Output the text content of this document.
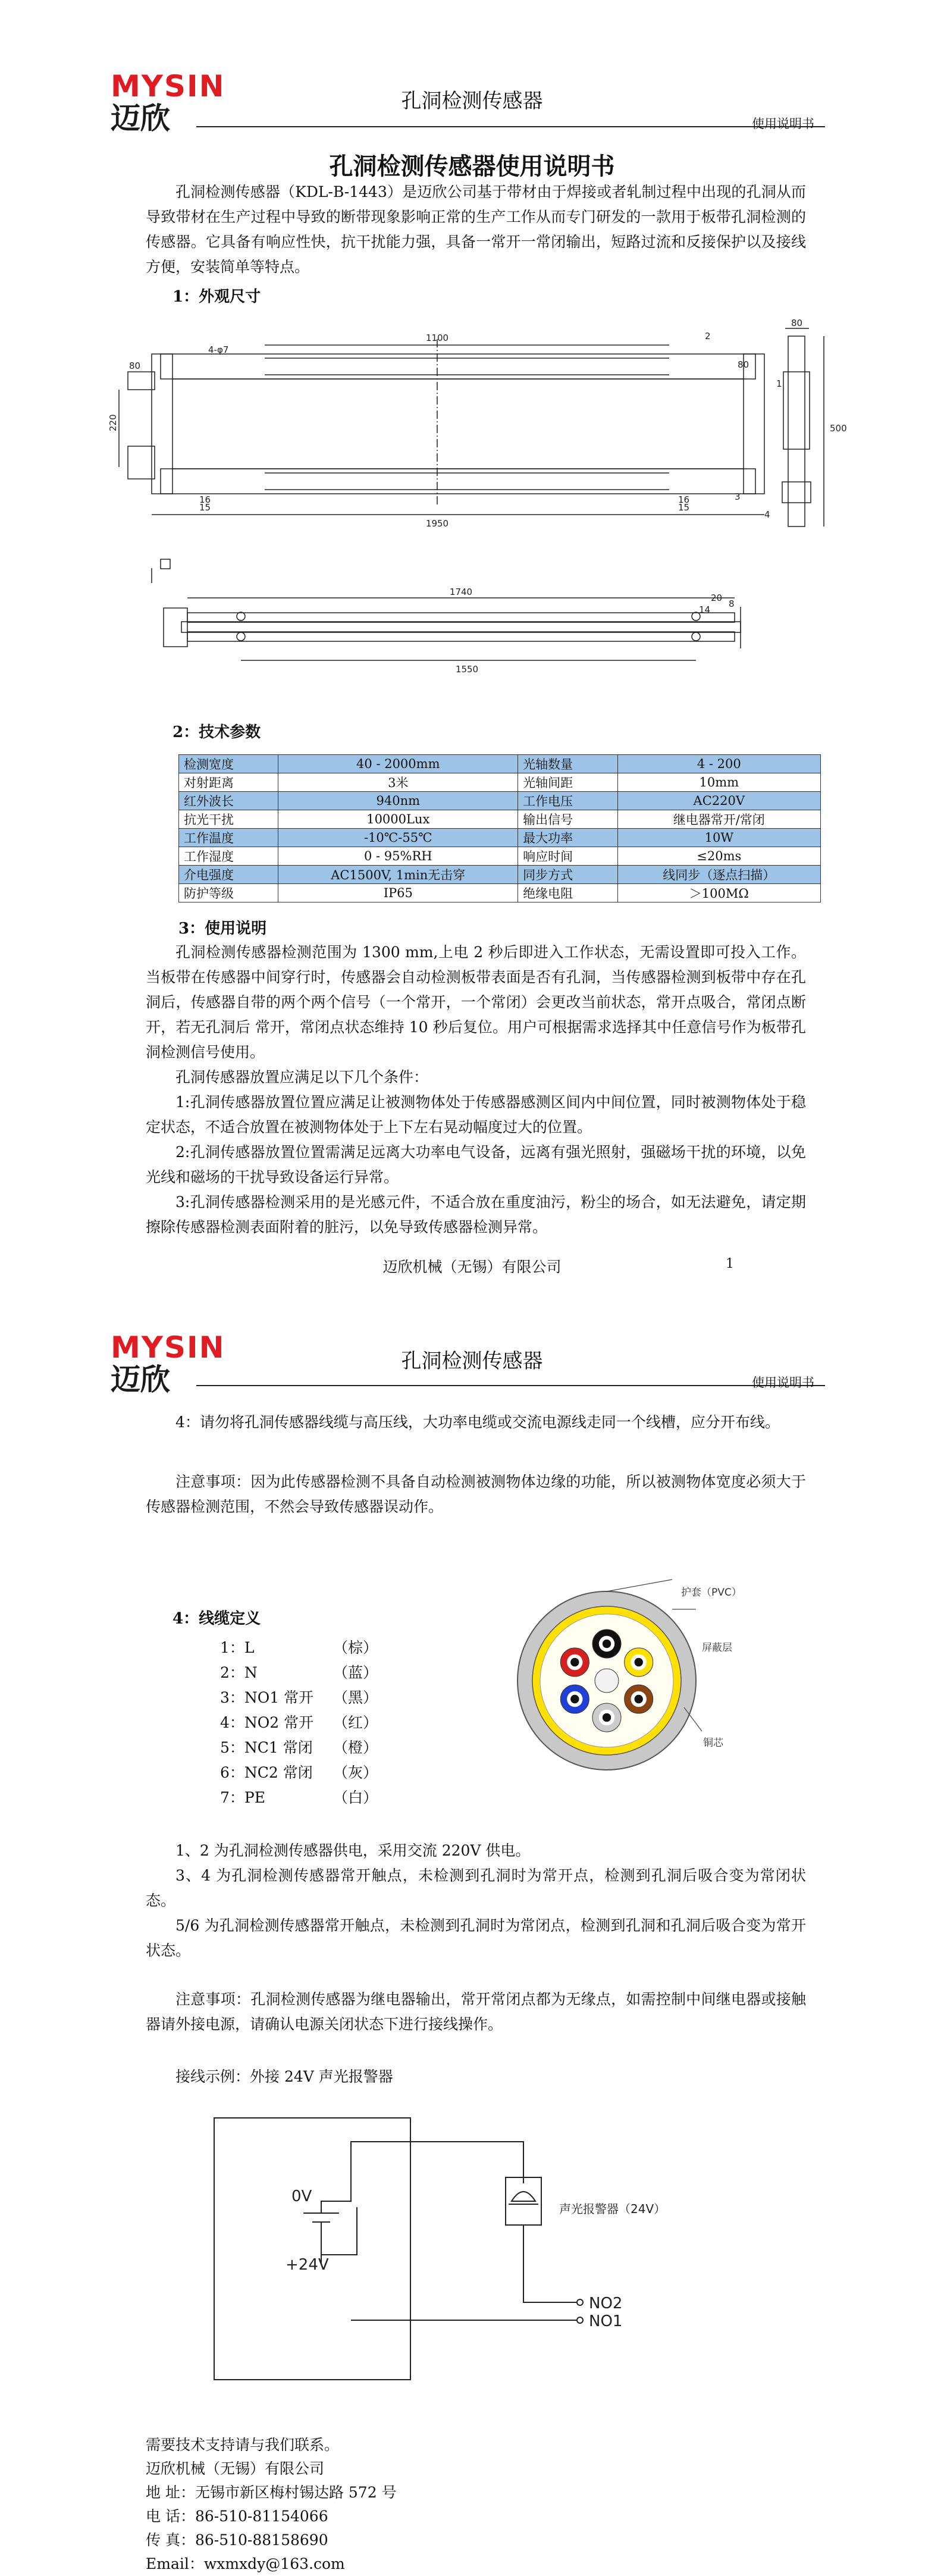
MYSIN
迈欣	孔洞检测传感器
使用说明书
孔洞检测传感器使用说明书
孔洞检测传感器（KDL-B-1443）是迈欣公司基于带材由于焊接或者轧制过程中出现的孔洞从而导致带材在生产过程中导致的断带现象影响正常的生产工作从而专门研发的一款用于板带孔洞检测的传感器。它具备有响应性快，抗干扰能力强，具备一常开一常闭输出，短路过流和反接保护以及接线方便，安装简单等特点。
1：外观尺寸
1100
4-φ7
80
220
15
16
1950
15
16
80
500
80
1740
1550
20
8
14
1
2
3
4
2：技术参数
检测宽度	40 - 2000mm	光轴数量	4 - 200
对射距离	3米	光轴间距	10mm
红外波长	940nm	工作电压	AC220V
抗光干扰	10000Lux	输出信号	继电器常开/常闭
工作温度	-10℃-55℃	最大功率	10W
工作湿度	0 - 95%RH	响应时间	≤20ms
介电强度	AC1500V, 1min无击穿	同步方式	线同步（逐点扫描）
防护等级	IP65	绝缘电阻	＞100MΩ
3：使用说明
孔洞检测传感器检测范围为 1300 mm,上电 2 秒后即进入工作状态，无需设置即可投入工作。当板带在传感器中间穿行时，传感器会自动检测板带表面是否有孔洞，当传感器检测到板带中存在孔洞后，传感器自带的两个两个信号（一个常开，一个常闭）会更改当前状态，常开点吸合，常闭点断开，若无孔洞后 常开，常闭点状态维持 10 秒后复位。用户可根据需求选择其中任意信号作为板带孔洞检测信号使用。
孔洞传感器放置应满足以下几个条件：
1:孔洞传感器放置位置应满足让被测物体处于传感器感测区间内中间位置，同时被测物体处于稳定状态，不适合放置在被测物体处于上下左右晃动幅度过大的位置。
2:孔洞传感器放置位置需满足远离大功率电气设备，远离有强光照射，强磁场干扰的环境，以免光线和磁场的干扰导致设备运行异常。
3:孔洞传感器检测采用的是光感元件，不适合放在重度油污，粉尘的场合，如无法避免，请定期擦除传感器检测表面附着的脏污，以免导致传感器检测异常。
迈欣机械（无锡）有限公司	1
MYSIN
迈欣
孔洞检测传感器
使用说明书
4：请勿将孔洞传感器线缆与高压线，大功率电缆或交流电源线走同一个线槽，应分开布线。
注意事项：因为此传感器检测不具备自动检测被测物体边缘的功能，所以被测物体宽度必须大于传感器检测范围，不然会导致传感器误动作。
4：线缆定义
1：L	（棕）
2：N	（蓝）
3：NO1 常开 （黑）
4：NO2 常开 （红）
5：NC1 常闭 （橙）
6：NC2 常闭 （灰）
7：PE	（白）
护套（PVC）
屏蔽层
铜芯
1、2 为孔洞检测传感器供电，采用交流 220V 供电。
3、4 为孔洞检测传感器常开触点，未检测到孔洞时为常开点，检测到孔洞后吸合变为常闭状态。
5/6 为孔洞检测传感器常开触点，未检测到孔洞时为常闭点，检测到孔洞和孔洞后吸合变为常开状态。
注意事项：孔洞检测传感器为继电器输出，常开常闭点都为无缘点，如需控制中间继电器或接触器请外接电源，请确认电源关闭状态下进行接线操作。
接线示例：外接 24V 声光报警器
0V
+24V
声光报警器（24V）
NO2
NO1
需要技术支持请与我们联系。
迈欣机械（无锡）有限公司
地 址：无锡市新区梅村锡达路 572 号
电 话：86-510-81154066
传 真：86-510-88158690
Email：wxmxdy@163.com
